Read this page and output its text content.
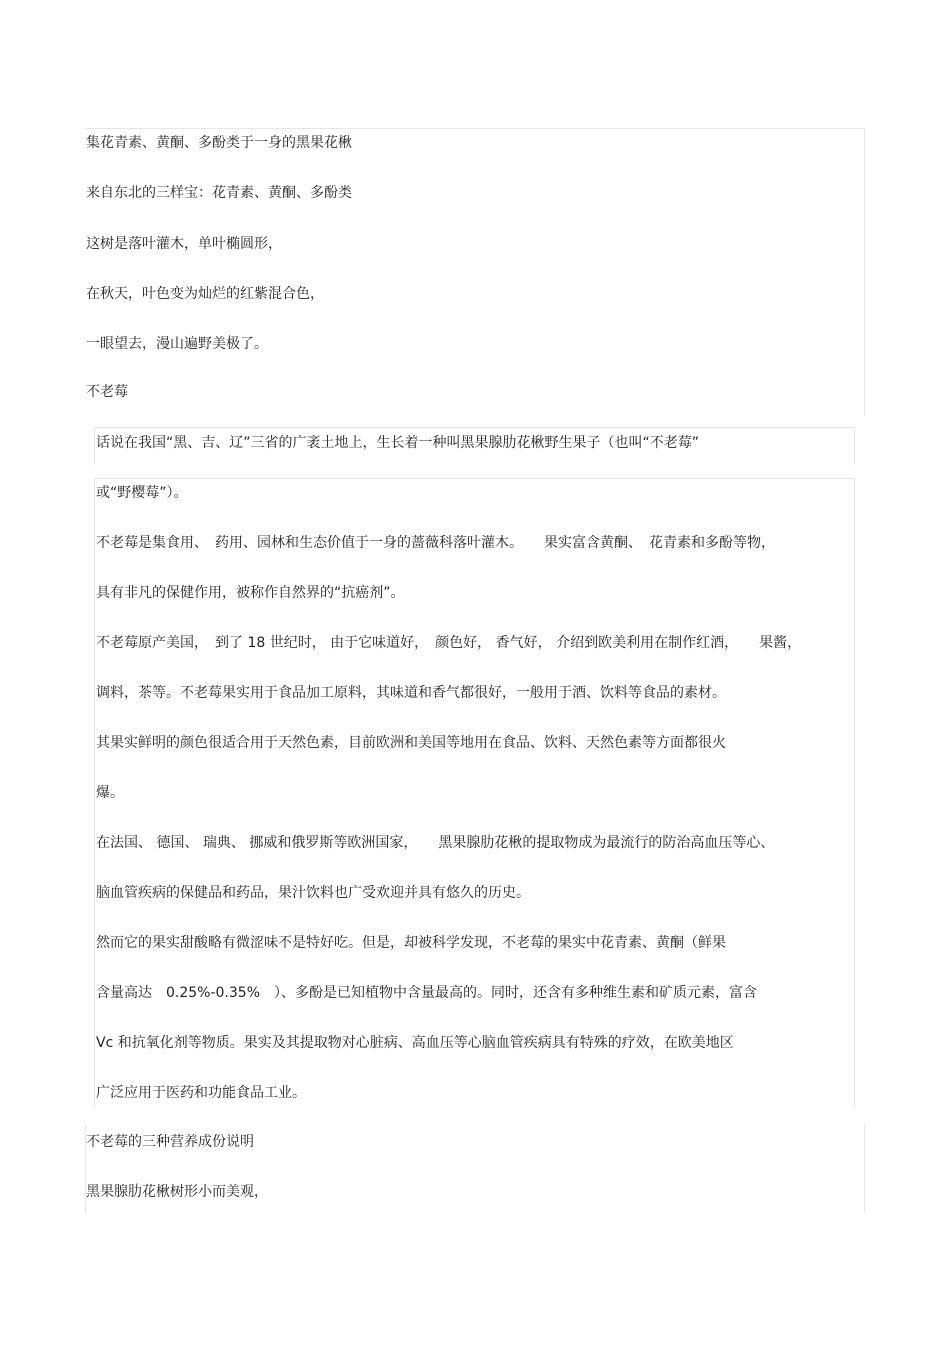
集花青素、黄酮、多酚类于一身的黑果花楸
来自东北的三样宝：花青素、黄酮、多酚类
这树是落叶灌木，单叶椭圆形，
在秋天，叶色变为灿烂的红紫混合色，
一眼望去，漫山遍野美极了。
不老莓
话说在我国“黑、吉、辽”三省的广袤土地上，生长着一种叫黑果腺肋花楸野生果子（也叫“不老莓”
或“野樱莓”）。
不老莓是集食用、　药用、园林和生态价值于一身的蔷薇科落叶灌木。　　果实富含黄酮、　花青素和多酚等物，
具有非凡的保健作用，被称作自然界的“抗癌剂”。
不老莓原产美国，　到了 18 世纪时， 由于它味道好，　颜色好， 香气好， 介绍到欧美利用在制作红酒，　　果酱，
调料，茶等。不老莓果实用于食品加工原料，其味道和香气都很好，一般用于酒、饮料等食品的素材。
其果实鲜明的颜色很适合用于天然色素，目前欧洲和美国等地用在食品、饮料、天然色素等方面都很火
爆。
在法国、 德国、 瑞典、 挪威和俄罗斯等欧洲国家，　　黑果腺肋花楸的提取物成为最流行的防治高血压等心、
脑血管疾病的保健品和药品，果汁饮料也广受欢迎并具有悠久的历史。
然而它的果实甜酸略有微涩味不是特好吃。但是，却被科学发现，不老莓的果实中花青素、黄酮（鲜果
含量高达　0.25%-0.35%　）、多酚是已知植物中含量最高的。同时，还含有多种维生素和矿质元素，富含
Vc 和抗氧化剂等物质。果实及其提取物对心脏病、高血压等心脑血管疾病具有特殊的疗效，在欧美地区
广泛应用于医药和功能食品工业。
不老莓的三种营养成份说明
黑果腺肋花楸树形小而美观，
